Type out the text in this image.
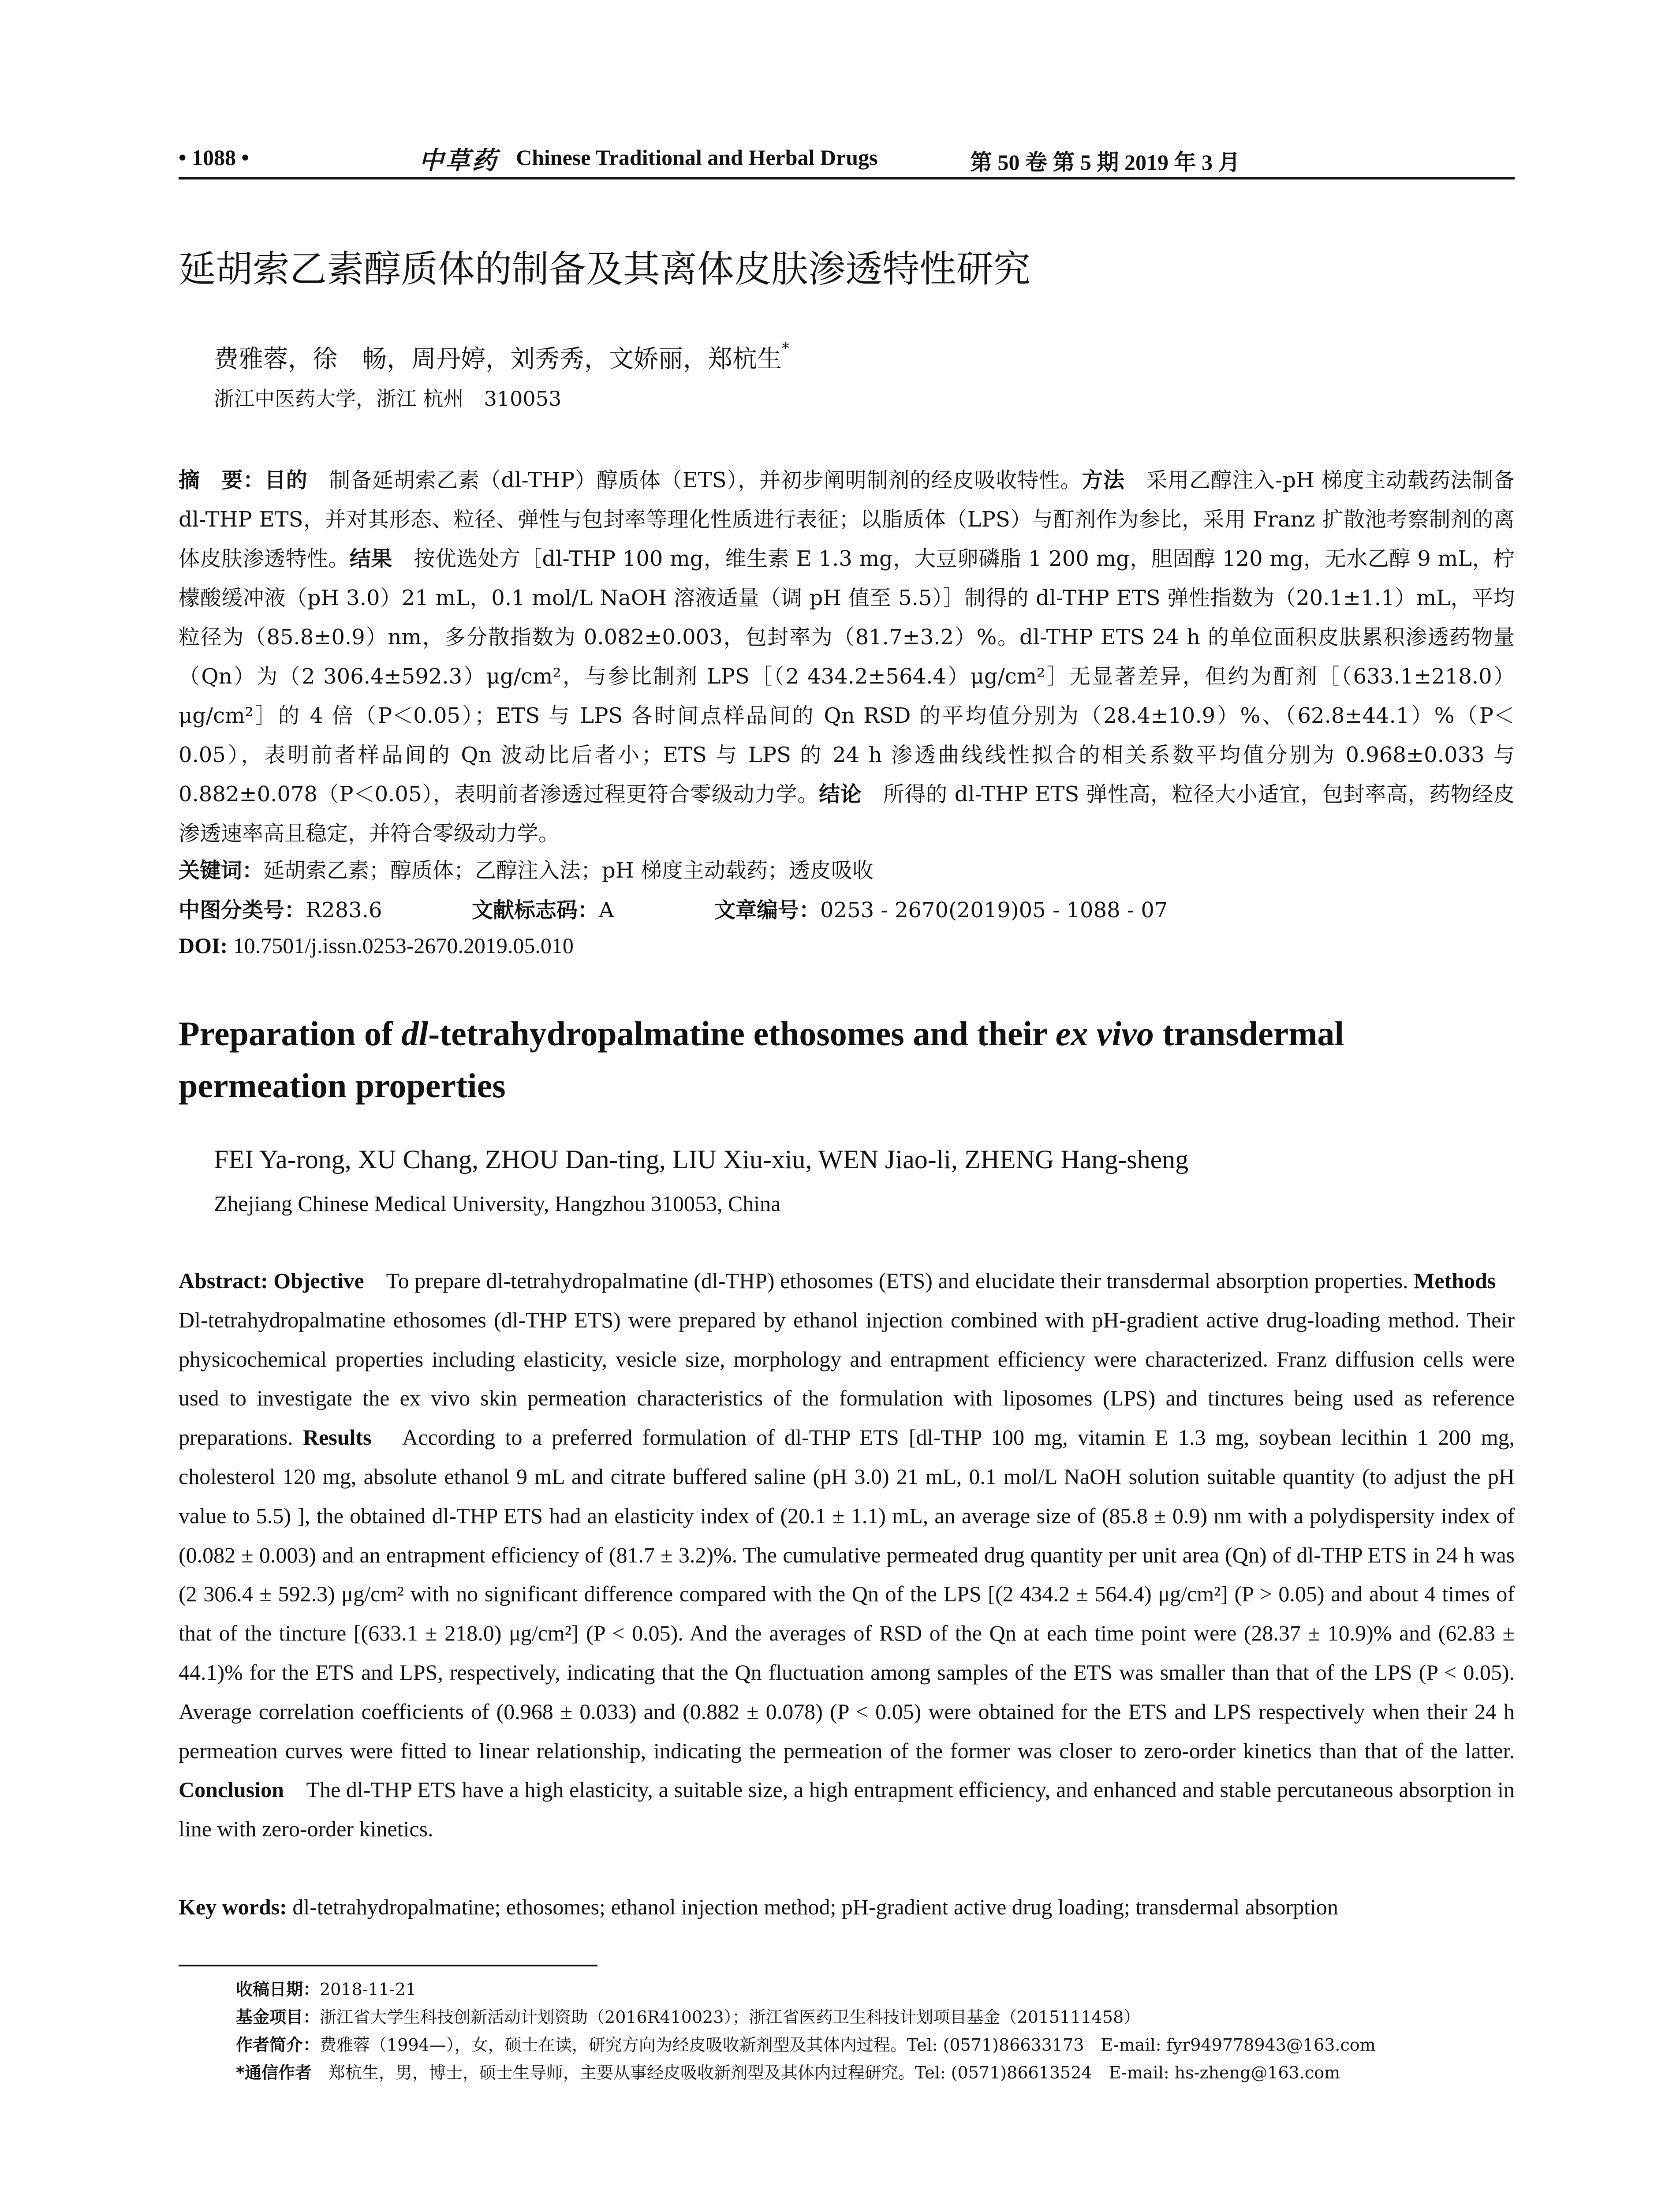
• 1088 •	中草药 Chinese Traditional and Herbal Drugs	第 50 卷 第 5 期 2019 年 3 月
延胡索乙素醇质体的制备及其离体皮肤渗透特性研究
费雅蓉，徐　畅，周丹婷，刘秀秀，文娇丽，郑杭生*
浙江中医药大学，浙江 杭州　310053
摘　要：目的　制备延胡索乙素（dl-THP）醇质体（ETS），并初步阐明制剂的经皮吸收特性。方法　采用乙醇注入-pH 梯度主动载药法制备 dl-THP ETS，并对其形态、粒径、弹性与包封率等理化性质进行表征；以脂质体（LPS）与酊剂作为参比，采用 Franz 扩散池考察制剂的离体皮肤渗透特性。结果　按优选处方［dl-THP 100 mg，维生素 E 1.3 mg，大豆卵磷脂 1 200 mg，胆固醇 120 mg，无水乙醇 9 mL，柠檬酸缓冲液（pH 3.0）21 mL，0.1 mol/L NaOH 溶液适量（调 pH 值至 5.5）］制得的 dl-THP ETS 弹性指数为（20.1±1.1）mL，平均粒径为（85.8±0.9）nm，多分散指数为 0.082±0.003，包封率为（81.7±3.2）%。dl-THP ETS 24 h 的单位面积皮肤累积渗透药物量（Qn）为（2 306.4±592.3）μg/cm²，与参比制剂 LPS［（2 434.2±564.4）μg/cm²］无显著差异，但约为酊剂［（633.1±218.0）μg/cm²］的 4 倍（P＜0.05）；ETS 与 LPS 各时间点样品间的 Qn RSD 的平均值分别为（28.4±10.9）%、（62.8±44.1）%（P＜0.05），表明前者样品间的 Qn 波动比后者小；ETS 与 LPS 的 24 h 渗透曲线线性拟合的相关系数平均值分别为 0.968±0.033 与 0.882±0.078（P＜0.05），表明前者渗透过程更符合零级动力学。结论　所得的 dl-THP ETS 弹性高，粒径大小适宜，包封率高，药物经皮渗透速率高且稳定，并符合零级动力学。
关键词：延胡索乙素；醇质体；乙醇注入法；pH 梯度主动载药；透皮吸收
中图分类号：R283.6	文献标志码：A	文章编号：0253 - 2670(2019)05 - 1088 - 07
DOI: 10.7501/j.issn.0253-2670.2019.05.010
Preparation of dl-tetrahydropalmatine ethosomes and their ex vivo transdermal permeation properties
FEI Ya-rong, XU Chang, ZHOU Dan-ting, LIU Xiu-xiu, WEN Jiao-li, ZHENG Hang-sheng
Zhejiang Chinese Medical University, Hangzhou 310053, China
Abstract: Objective　To prepare dl-tetrahydropalmatine (dl-THP) ethosomes (ETS) and elucidate their transdermal absorption properties. Methods　Dl-tetrahydropalmatine ethosomes (dl-THP ETS) were prepared by ethanol injection combined with pH-gradient active drug-loading method. Their physicochemical properties including elasticity, vesicle size, morphology and entrapment efficiency were characterized. Franz diffusion cells were used to investigate the ex vivo skin permeation characteristics of the formulation with liposomes (LPS) and tinctures being used as reference preparations. Results　According to a preferred formulation of dl-THP ETS [dl-THP 100 mg, vitamin E 1.3 mg, soybean lecithin 1 200 mg, cholesterol 120 mg, absolute ethanol 9 mL and citrate buffered saline (pH 3.0) 21 mL, 0.1 mol/L NaOH solution suitable quantity (to adjust the pH value to 5.5) ], the obtained dl-THP ETS had an elasticity index of (20.1 ± 1.1) mL, an average size of (85.8 ± 0.9) nm with a polydispersity index of (0.082 ± 0.003) and an entrapment efficiency of (81.7 ± 3.2)%. The cumulative permeated drug quantity per unit area (Qn) of dl-THP ETS in 24 h was (2 306.4 ± 592.3) μg/cm² with no significant difference compared with the Qn of the LPS [(2 434.2 ± 564.4) μg/cm²] (P > 0.05) and about 4 times of that of the tincture [(633.1 ± 218.0) μg/cm²] (P < 0.05). And the averages of RSD of the Qn at each time point were (28.37 ± 10.9)% and (62.83 ± 44.1)% for the ETS and LPS, respectively, indicating that the Qn fluctuation among samples of the ETS was smaller than that of the LPS (P < 0.05). Average correlation coefficients of (0.968 ± 0.033) and (0.882 ± 0.078) (P < 0.05) were obtained for the ETS and LPS respectively when their 24 h permeation curves were fitted to linear relationship, indicating the permeation of the former was closer to zero-order kinetics than that of the latter. Conclusion　The dl-THP ETS have a high elasticity, a suitable size, a high entrapment efficiency, and enhanced and stable percutaneous absorption in line with zero-order kinetics.
Key words: dl-tetrahydropalmatine; ethosomes; ethanol injection method; pH-gradient active drug loading; transdermal absorption
收稿日期：2018-11-21
基金项目：浙江省大学生科技创新活动计划资助（2016R410023）；浙江省医药卫生科技计划项目基金（2015111458）
作者简介：费雅蓉（1994—），女，硕士在读，研究方向为经皮吸收新剂型及其体内过程。Tel: (0571)86633173　E-mail: fyr949778943@163.com
*通信作者　郑杭生，男，博士，硕士生导师，主要从事经皮吸收新剂型及其体内过程研究。Tel: (0571)86613524　E-mail: hs-zheng@163.com
